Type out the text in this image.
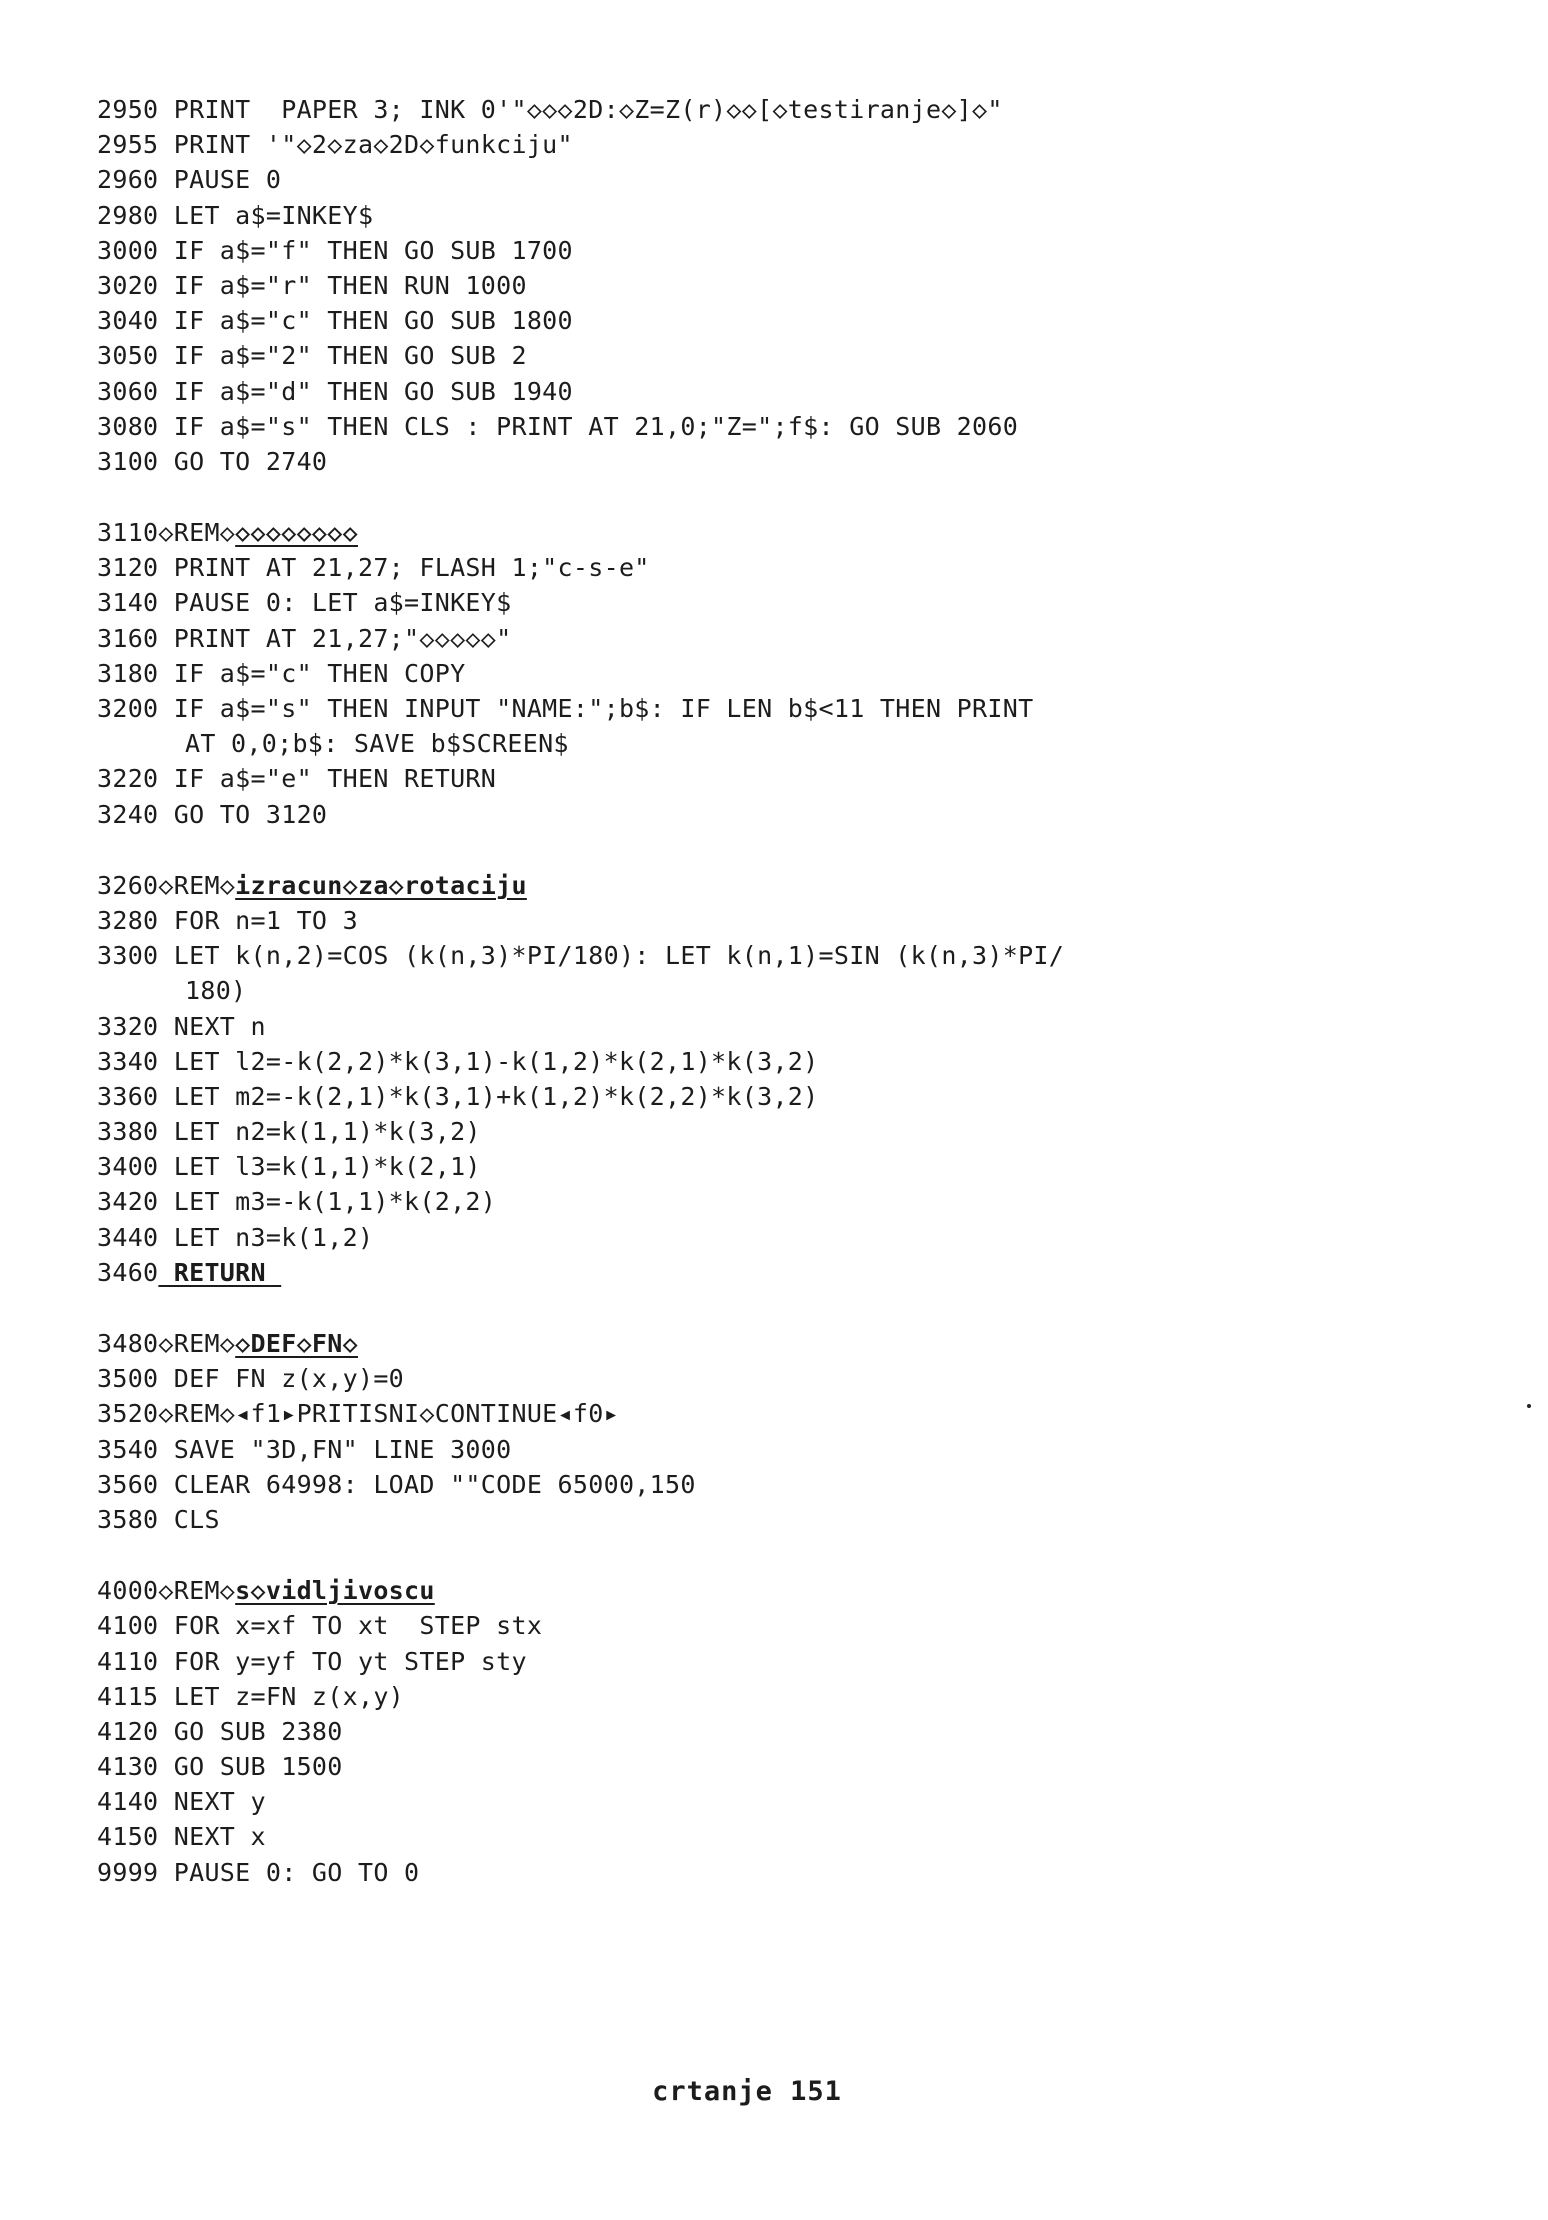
2950 PRINT  PAPER 3; INK 0'"◇◇◇2D:◇Z=Z(r)◇◇[◇testiranje◇]◇"
2955 PRINT '"◇2◇za◇2D◇funkciju"
2960 PAUSE 0
2980 LET a$=INKEY$
3000 IF a$="f" THEN GO SUB 1700
3020 IF a$="r" THEN RUN 1000
3040 IF a$="c" THEN GO SUB 1800
3050 IF a$="2" THEN GO SUB 2
3060 IF a$="d" THEN GO SUB 1940
3080 IF a$="s" THEN CLS : PRINT AT 21,0;"Z=";f$: GO SUB 2060
3100 GO TO 2740
3110◇REM◇◇◇◇◇◇◇◇◇
3120 PRINT AT 21,27; FLASH 1;"c-s-e"
3140 PAUSE 0: LET a$=INKEY$
3160 PRINT AT 21,27;"◇◇◇◇◇"
3180 IF a$="c" THEN COPY
3200 IF a$="s" THEN INPUT "NAME:";b$: IF LEN b$<11 THEN PRINT
AT 0,0;b$: SAVE b$SCREEN$
3220 IF a$="e" THEN RETURN
3240 GO TO 3120
3260◇REM◇izracun◇za◇rotaciju
3280 FOR n=1 TO 3
3300 LET k(n,2)=COS (k(n,3)*PI/180): LET k(n,1)=SIN (k(n,3)*PI/
180)
3320 NEXT n
3340 LET l2=-k(2,2)*k(3,1)-k(1,2)*k(2,1)*k(3,2)
3360 LET m2=-k(2,1)*k(3,1)+k(1,2)*k(2,2)*k(3,2)
3380 LET n2=k(1,1)*k(3,2)
3400 LET l3=k(1,1)*k(2,1)
3420 LET m3=-k(1,1)*k(2,2)
3440 LET n3=k(1,2)
3460 RETURN
3480◇REM◇◇DEF◇FN◇
3500 DEF FN z(x,y)=0
3520◇REM◇◂f1▸PRITISNI◇CONTINUE◂f0▸
3540 SAVE "3D,FN" LINE 3000
3560 CLEAR 64998: LOAD ""CODE 65000,150
3580 CLS
4000◇REM◇s◇vidljivoscu
4100 FOR x=xf TO xt  STEP stx
4110 FOR y=yf TO yt STEP sty
4115 LET z=FN z(x,y)
4120 GO SUB 2380
4130 GO SUB 1500
4140 NEXT y
4150 NEXT x
9999 PAUSE 0: GO TO 0
crtanje 151
